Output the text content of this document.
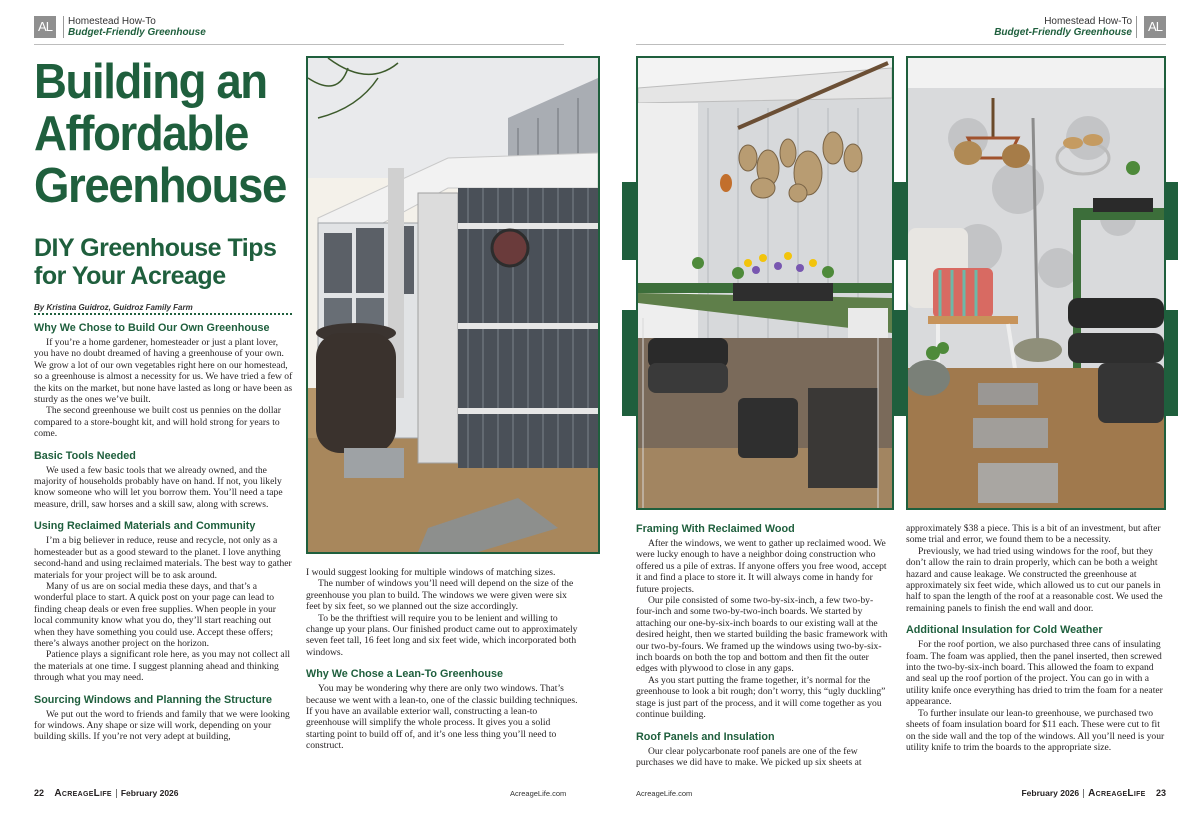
AL	Homestead How-To
Budget-Friendly Greenhouse
Building an Affordable Greenhouse
DIY Greenhouse Tips for Your Acreage
By Kristina Guidroz, Guidroz Family Farm
Why We Chose to Build Our Own Greenhouse

If you’re a home gardener, homesteader or just a plant lover, you have no doubt dreamed of having a greenhouse of your own. We grow a lot of our own vegetables right here on our homestead, so a greenhouse is almost a necessity for us. We have tried a few of the kits on the market, but none have lasted as long or have been as sturdy as the ones we’ve built.

The second greenhouse we built cost us pennies on the dollar compared to a store-bought kit, and will hold strong for years to come.

Basic Tools Needed

We used a few basic tools that we already owned, and the majority of households probably have on hand. If not, you likely know someone who will let you borrow them. You’ll need a tape measure, drill, saw horses and a skill saw, along with screws.

Using Reclaimed Materials and Community

I’m a big believer in reduce, reuse and recycle, not only as a homesteader but as a good steward to the planet. I love anything second-hand and using reclaimed materials. The best way to gather materials for your project will be to ask around.

Many of us are on social media these days, and that’s a wonderful place to start. A quick post on your page can lead to finding cheap deals or even free supplies. When people in your local community know what you do, they’ll start reaching out when they have something you could use. Accept these offers; there’s always another project on the horizon.

Patience plays a significant role here, as you may not collect all the materials at one time. I suggest planning ahead and thinking through what you may need.

Sourcing Windows and Planning the Structure

We put out the word to friends and family that we were looking for windows. Any shape or size will work, depending on your building skills. If you’re not very adept at building,

I would suggest looking for multiple windows of matching sizes.

The number of windows you’ll need will depend on the size of the greenhouse you plan to build. The windows we were given were six feet by six feet, so we planned out the size accordingly.

To be the thriftiest will require you to be lenient and willing to change up your plans. Our finished product came out to approximately seven feet tall, 16 feet long and six feet wide, which incorporated both windows.

Why We Chose a Lean-To Greenhouse

You may be wondering why there are only two windows. That’s because we went with a lean-to, one of the classic building techniques. If you have an available exterior wall, constructing a lean-to greenhouse will simplify the whole process. It gives you a solid starting point to build off of, and it’s one less thing you’ll need to construct.

22 AcreageLife February 2026	AcreageLife.com
Homestead How-To
Budget-Friendly Greenhouse	AL
Framing With Reclaimed Wood

After the windows, we went to gather up reclaimed wood. We were lucky enough to have a neighbor doing construction who offered us a pile of extras. If anyone offers you free wood, accept it and find a place to store it. It will always come in handy for future projects.

Our pile consisted of some two-by-six-inch, a few two-by-four-inch and some two-by-two-inch boards. We started by attaching our one-by-six-inch boards to our existing wall at the desired height, then we started building the basic framework with our two-by-fours. We framed up the windows using two-by-six-inch boards on both the top and bottom and then fit the outer edges with plywood to close in any gaps.

As you start putting the frame together, it’s normal for the greenhouse to look a bit rough; don’t worry, this “ugly duckling” stage is just part of the process, and it will come together as you continue building.

Roof Panels and Insulation

Our clear polycarbonate roof panels are one of the few purchases we did have to make. We picked up six sheets at

approximately $38 a piece. This is a bit of an investment, but after some trial and error, we found them to be a necessity.

Previously, we had tried using windows for the roof, but they don’t allow the rain to drain properly, which can be both a weight hazard and cause leakage. We constructed the greenhouse at approximately six feet wide, which allowed us to cut our panels in half to span the length of the roof at a reasonable cost. We used the remaining panels to finish the end wall and door.

Additional Insulation for Cold Weather

For the roof portion, we also purchased three cans of insulating foam. The foam was applied, then the panel inserted, then screwed into the two-by-six-inch board. This allowed the foam to expand and seal up the roof portion of the project. You can go in with a utility knife once everything has dried to trim the foam for a neater appearance.

To further insulate our lean-to greenhouse, we purchased two sheets of foam insulation board for $11 each. These were cut to fit on the side wall and the top of the windows. All you’ll need is your utility knife to trim the boards to the appropriate size.

AcreageLife.com	February 2026 AcreageLife 23
